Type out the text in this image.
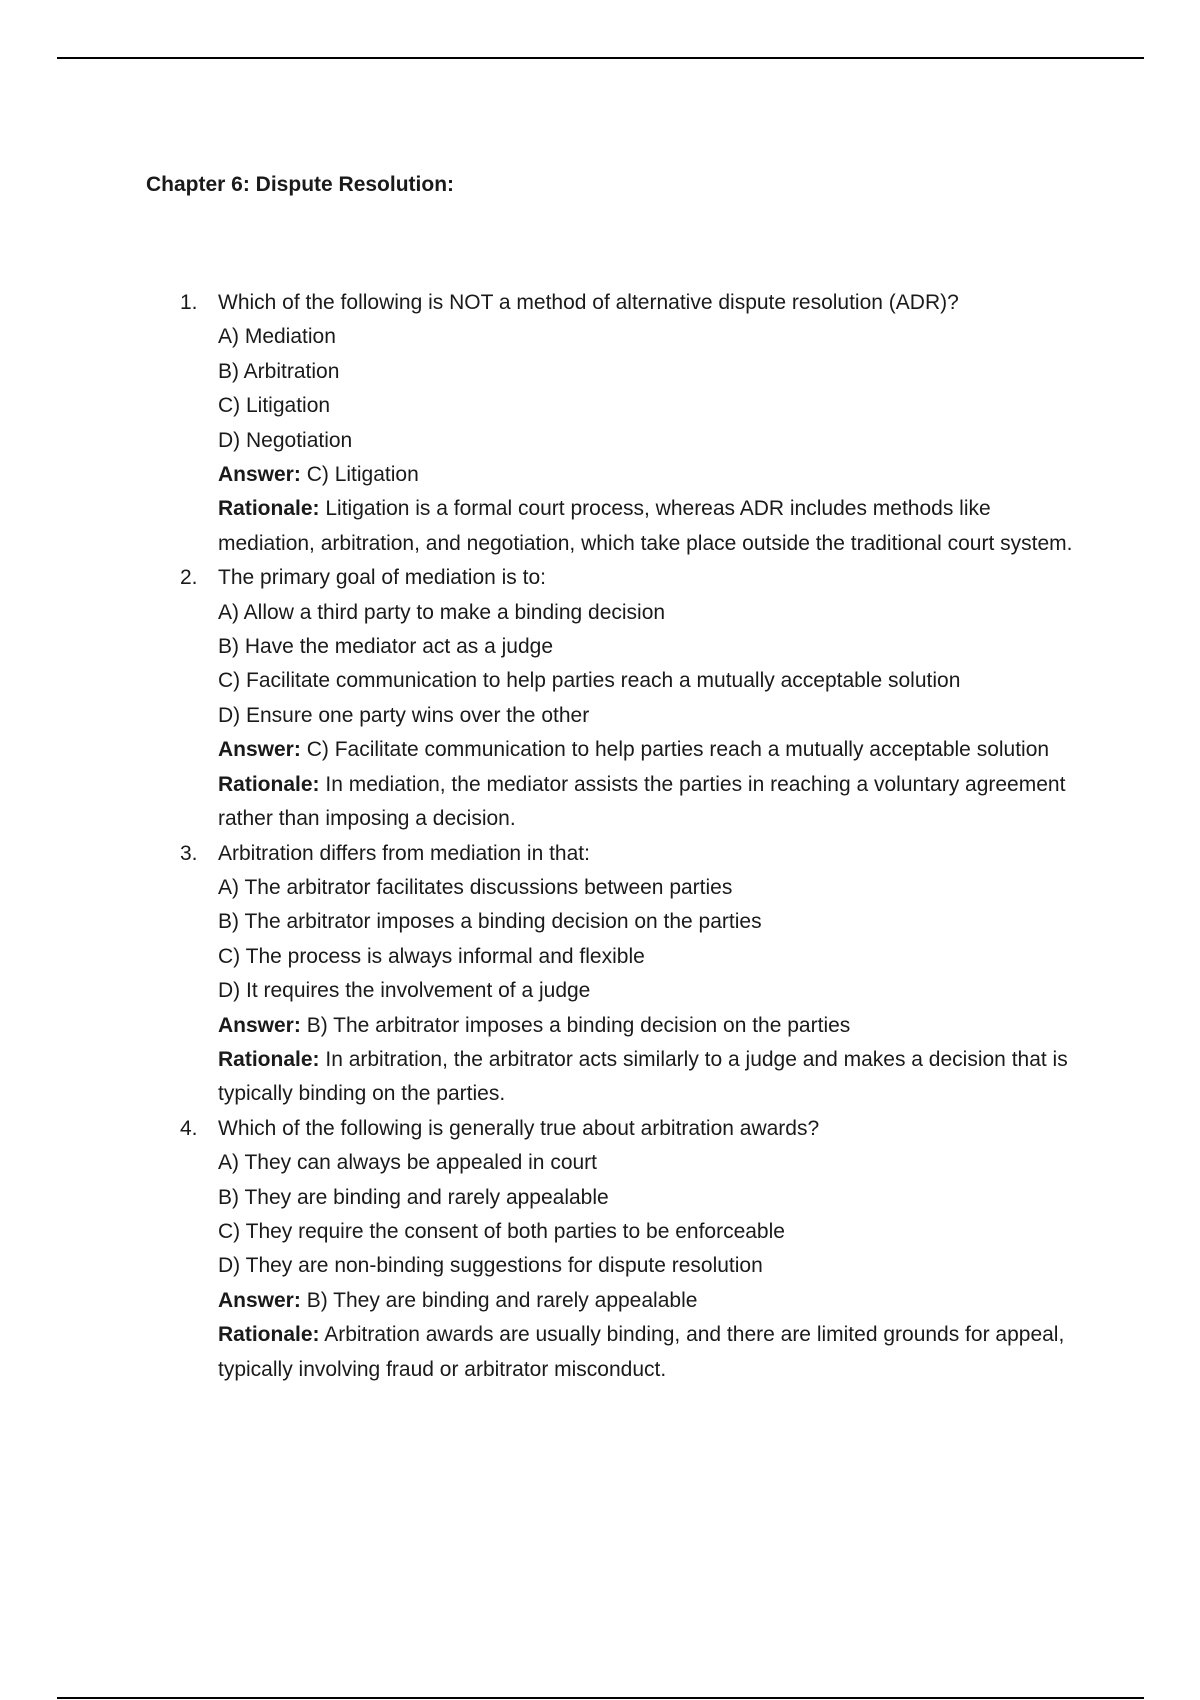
Chapter 6: Dispute Resolution:
1. Which of the following is NOT a method of alternative dispute resolution (ADR)?
A) Mediation
B) Arbitration
C) Litigation
D) Negotiation
Answer: C) Litigation
Rationale: Litigation is a formal court process, whereas ADR includes methods like mediation, arbitration, and negotiation, which take place outside the traditional court system.
2. The primary goal of mediation is to:
A) Allow a third party to make a binding decision
B) Have the mediator act as a judge
C) Facilitate communication to help parties reach a mutually acceptable solution
D) Ensure one party wins over the other
Answer: C) Facilitate communication to help parties reach a mutually acceptable solution
Rationale: In mediation, the mediator assists the parties in reaching a voluntary agreement rather than imposing a decision.
3. Arbitration differs from mediation in that:
A) The arbitrator facilitates discussions between parties
B) The arbitrator imposes a binding decision on the parties
C) The process is always informal and flexible
D) It requires the involvement of a judge
Answer: B) The arbitrator imposes a binding decision on the parties
Rationale: In arbitration, the arbitrator acts similarly to a judge and makes a decision that is typically binding on the parties.
4. Which of the following is generally true about arbitration awards?
A) They can always be appealed in court
B) They are binding and rarely appealable
C) They require the consent of both parties to be enforceable
D) They are non-binding suggestions for dispute resolution
Answer: B) They are binding and rarely appealable
Rationale: Arbitration awards are usually binding, and there are limited grounds for appeal, typically involving fraud or arbitrator misconduct.
